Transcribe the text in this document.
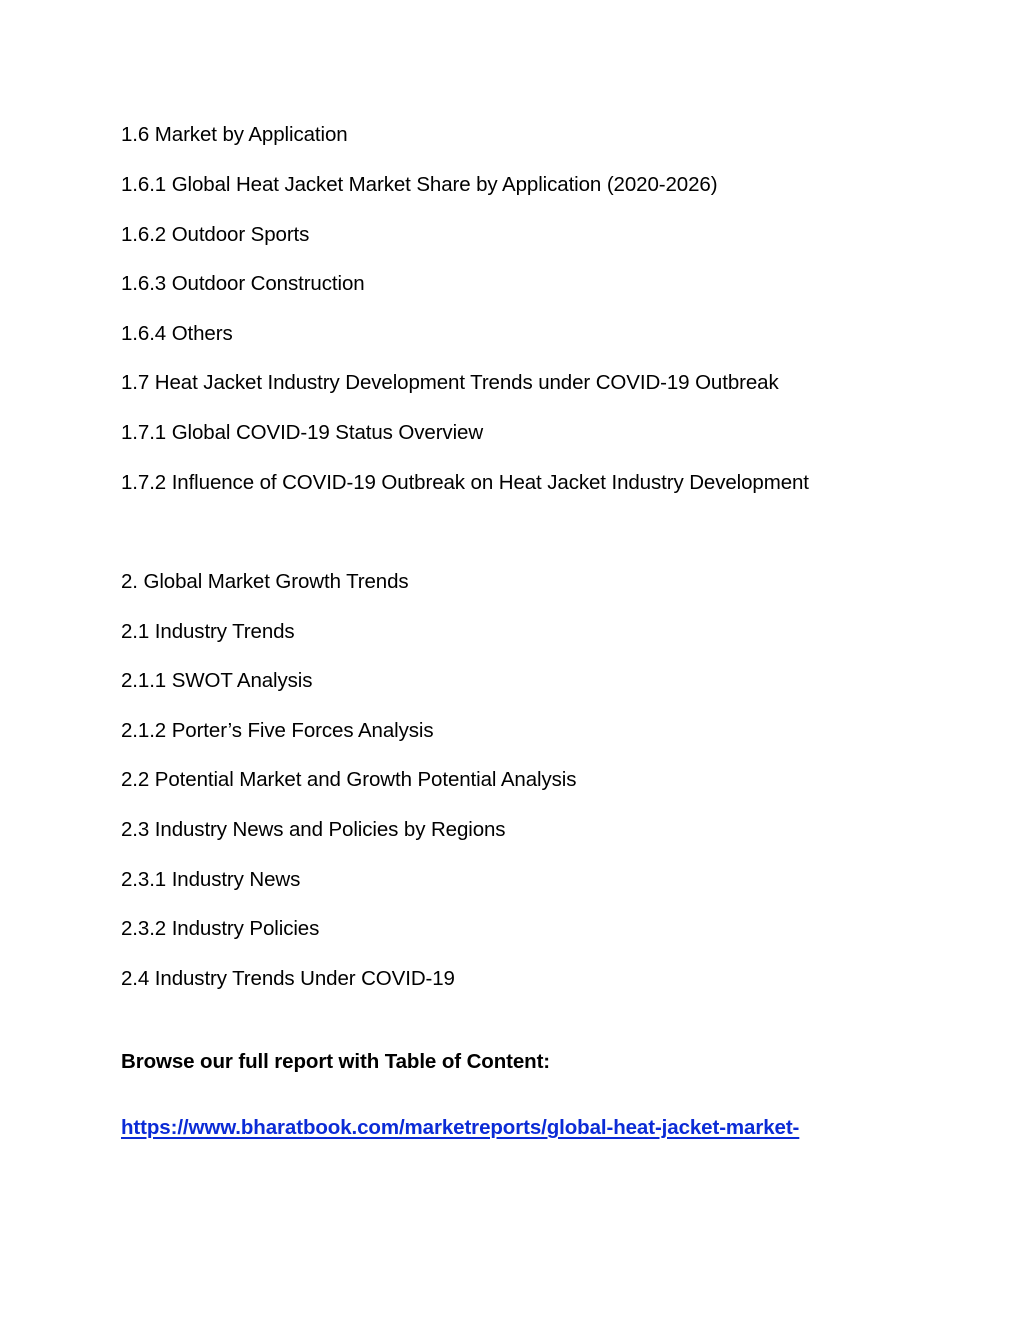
1.6 Market by Application
1.6.1 Global Heat Jacket Market Share by Application (2020-2026)
1.6.2 Outdoor Sports
1.6.3 Outdoor Construction
1.6.4 Others
1.7 Heat Jacket Industry Development Trends under COVID-19 Outbreak
1.7.1 Global COVID-19 Status Overview
1.7.2 Influence of COVID-19 Outbreak on Heat Jacket Industry Development
2. Global Market Growth Trends
2.1 Industry Trends
2.1.1 SWOT Analysis
2.1.2 Porter’s Five Forces Analysis
2.2 Potential Market and Growth Potential Analysis
2.3 Industry News and Policies by Regions
2.3.1 Industry News
2.3.2 Industry Policies
2.4 Industry Trends Under COVID-19
Browse our full report with Table of Content:
https://www.bharatbook.com/marketreports/global-heat-jacket-market-
